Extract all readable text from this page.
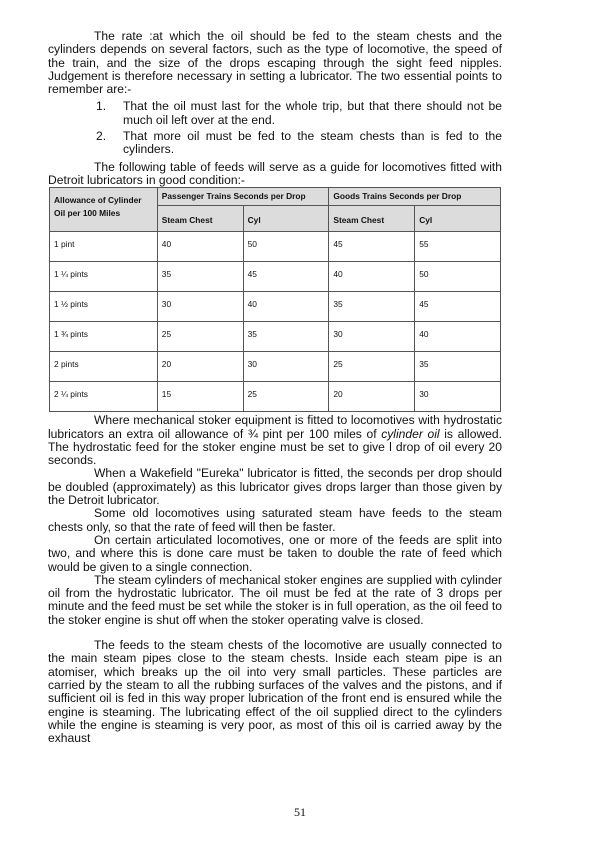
The rate :at which the oil should be fed to the steam chests and the cylinders depends on several factors, such as the type of locomotive, the speed of the train, and the size of the drops escaping through the sight feed nipples. Judgement is therefore necessary in setting a lubricator. The two essential points to remember are:-

1. That the oil must last for the whole trip, but that there should not be much oil left over at the end.
2. That more oil must be fed to the steam chests than is fed to the cylinders.

The following table of feeds will serve as a guide for locomotives fitted with Detroit lubricators in good condition:-

Allowance of Cylinder Oil per 100 Miles	Passenger Trains Seconds per Drop		Goods Trains Seconds per Drop	
	Steam Chest	Cyl	Steam Chest	Cyl
1 pint	40	50	45	55
1 ¼ pints	35	45	40	50
1 ½ pints	30	40	35	45
1 ¾ pints	25	35	30	40
2 pints	20	30	25	35
2 ¼ pints	15	25	20	30

Where mechanical stoker equipment is fitted to locomotives with hydrostatic lubricators an extra oil allowance of ¾ pint per 100 miles of cylinder oil is allowed. The hydrostatic feed for the stoker engine must be set to give l drop of oil every 20 seconds.

When a Wakefield "Eureka" lubricator is fitted, the seconds per drop should be doubled (approximately) as this lubricator gives drops larger than those given by the Detroit lubricator.

Some old locomotives using saturated steam have feeds to the steam chests only, so that the rate of feed will then be faster.

On certain articulated locomotives, one or more of the feeds are split into two, and where this is done care must be taken to double the rate of feed which would be given to a single connection.

The steam cylinders of mechanical stoker engines are supplied with cylinder oil from the hydrostatic lubricator. The oil must be fed at the rate of 3 drops per minute and the feed must be set while the stoker is in full operation, as the oil feed to the stoker engine is shut off when the stoker operating valve is closed.

The feeds to the steam chests of the locomotive are usually connected to the main steam pipes close to the steam chests. Inside each steam pipe is an atomiser, which breaks up the oil into very small particles. These particles are carried by the steam to all the rubbing surfaces of the valves and the pistons, and if sufficient oil is fed in this way proper lubrication of the front end is ensured while the engine is steaming. The lubricating effect of the oil supplied direct to the cylinders while the engine is steaming is very poor, as most of this oil is carried away by the exhaust

51
